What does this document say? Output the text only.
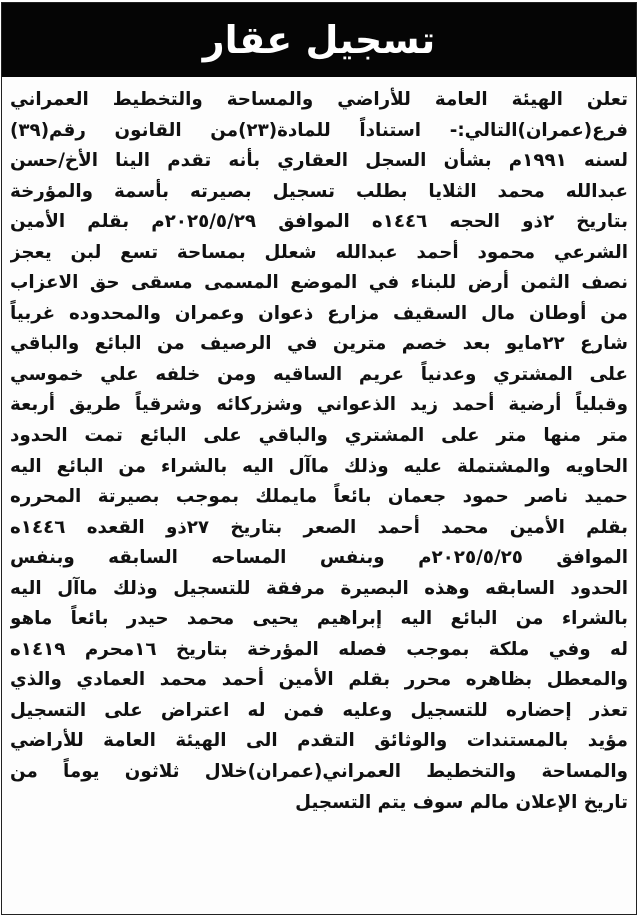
تسجيل عقار
تعلن الهيئة العامة للأراضي والمساحة والتخطيط العمراني
فرع(عمران)التالي:- استناداً للمادة(٢٣)من القانون رقم(٣٩)
لسنه ١٩٩١م بشأن السجل العقاري بأنه تقدم الينا الأخ/حسن
عبدالله محمد الثلايا بطلب تسجيل بصيرته بأسمة والمؤرخة
بتاريخ ٢ذو الحجه ١٤٤٦ه الموافق ٢٠٢٥/٥/٢٩م بقلم الأمين
الشرعي محمود أحمد عبدالله شعلل بمساحة تسع لبن يعجز
نصف الثمن أرض للبناء في الموضع المسمى مسقى حق الاعزاب
من أوطان مال السقيف مزارع ذعوان وعمران والمحدوده غربياً
شارع ٢٢مايو بعد خصم مترين في الرصيف من البائع والباقي
على المشتري وعدنياً عريم الساقيه ومن خلفه علي خموسي
وقبلياً أرضية أحمد زيد الذعواني وشزركائه وشرقياً طريق أربعة
متر منها متر على المشتري والباقي على البائع تمت الحدود
الحاويه والمشتملة عليه وذلك ماآل اليه بالشراء من البائع اليه
حميد ناصر حمود جعمان بائعاً مايملك بموجب بصيرتة المحرره
بقلم الأمين محمد أحمد الصعر بتاريخ ٢٧ذو القعده ١٤٤٦ه
الموافق ٢٠٢٥/٥/٢٥م وبنفس المساحه السابقه وبنفس
الحدود السابقه وهذه البصيرة مرفقة للتسجيل وذلك ماآل اليه
بالشراء من البائع اليه إبراهيم يحيى محمد حيدر بائعاً ماهو
له وفي ملكة بموجب فصله المؤرخة بتاريخ ١٦محرم ١٤١٩ه
والمعطل بظاهره محرر بقلم الأمين أحمد محمد العمادي والذي
تعذر إحضاره للتسجيل وعليه فمن له اعتراض على التسجيل
مؤيد بالمستندات والوثائق التقدم الى الهيئة العامة للأراضي
والمساحة والتخطيط العمراني(عمران)خلال ثلاثون يوماً من
تاريخ الإعلان مالم سوف يتم التسجيل
